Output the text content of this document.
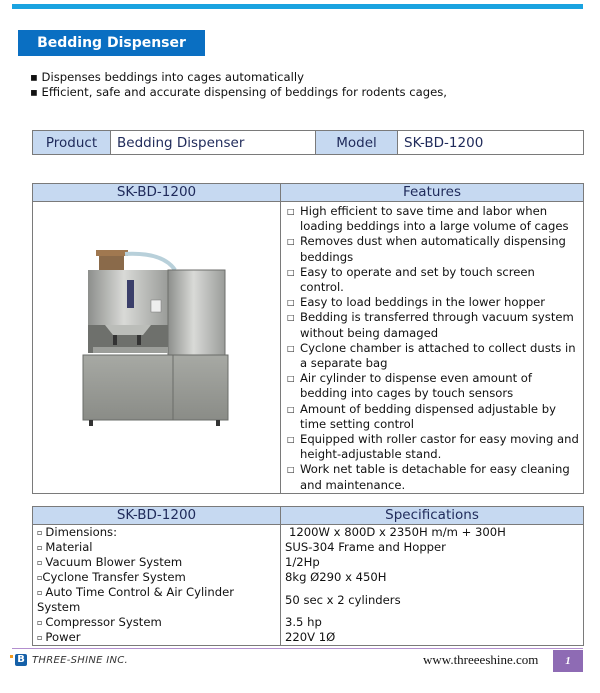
Bedding Dispenser
▪ Dispenses beddings into cages automatically
▪ Efficient, safe and accurate dispensing of beddings for rodents cages,
Product	Bedding Dispenser	Model	SK-BD-1200
SK-BD-1200	Features

□ High efficient to save time and labor when loading beddings into a large volume of cages
□ Removes dust when automatically dispensing beddings
□ Easy to operate and set by touch screen control.
□ Easy to load beddings in the lower hopper
□ Bedding is transferred through vacuum system without being damaged
□ Cyclone chamber is attached to collect dusts in a separate bag
□ Air cylinder to dispense even amount of bedding into cages by touch sensors
□ Amount of bedding dispensed adjustable by time setting control
□ Equipped with roller castor for easy moving and height-adjustable stand.
□ Work net table is detachable for easy cleaning and maintenance.
SK-BD-1200	Specifications
▫ Dimensions:	1200W x 800D x 2350H m/m + 300H
▫ Material	SUS-304 Frame and Hopper
▫ Vacuum Blower System	1/2Hp
▫Cyclone Transfer System	8kg Ø290 x 450H
▫ Auto Time Control & Air Cylinder System	50 sec x 2 cylinders
▫ Compressor System	3.5 hp
▫ Power	220V 1Ø
B THREE-SHINE INC.	www.threeeshine.com	1
